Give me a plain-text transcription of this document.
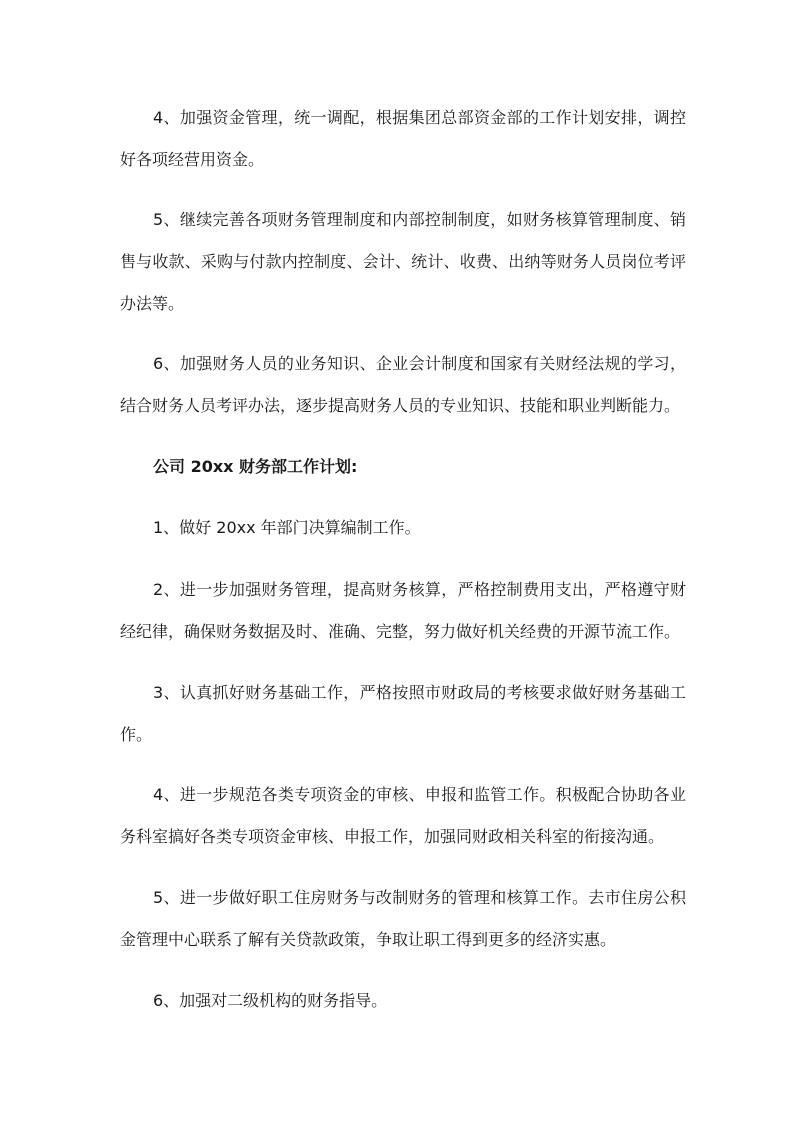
4、加强资金管理，统一调配，根据集团总部资金部的工作计划安排，调控好各项经营用资金。

5、继续完善各项财务管理制度和内部控制制度，如财务核算管理制度、销售与收款、采购与付款内控制度、会计、统计、收费、出纳等财务人员岗位考评办法等。

6、加强财务人员的业务知识、企业会计制度和国家有关财经法规的学习，结合财务人员考评办法，逐步提高财务人员的专业知识、技能和职业判断能力。

公司 20xx 财务部工作计划:

1、做好 20xx 年部门决算编制工作。

2、进一步加强财务管理，提高财务核算，严格控制费用支出，严格遵守财经纪律，确保财务数据及时、准确、完整，努力做好机关经费的开源节流工作。

3、认真抓好财务基础工作，严格按照市财政局的考核要求做好财务基础工作。

4、进一步规范各类专项资金的审核、申报和监管工作。积极配合协助各业务科室搞好各类专项资金审核、申报工作，加强同财政相关科室的衔接沟通。

5、进一步做好职工住房财务与改制财务的管理和核算工作。去市住房公积金管理中心联系了解有关贷款政策，争取让职工得到更多的经济实惠。

6、加强对二级机构的财务指导。
